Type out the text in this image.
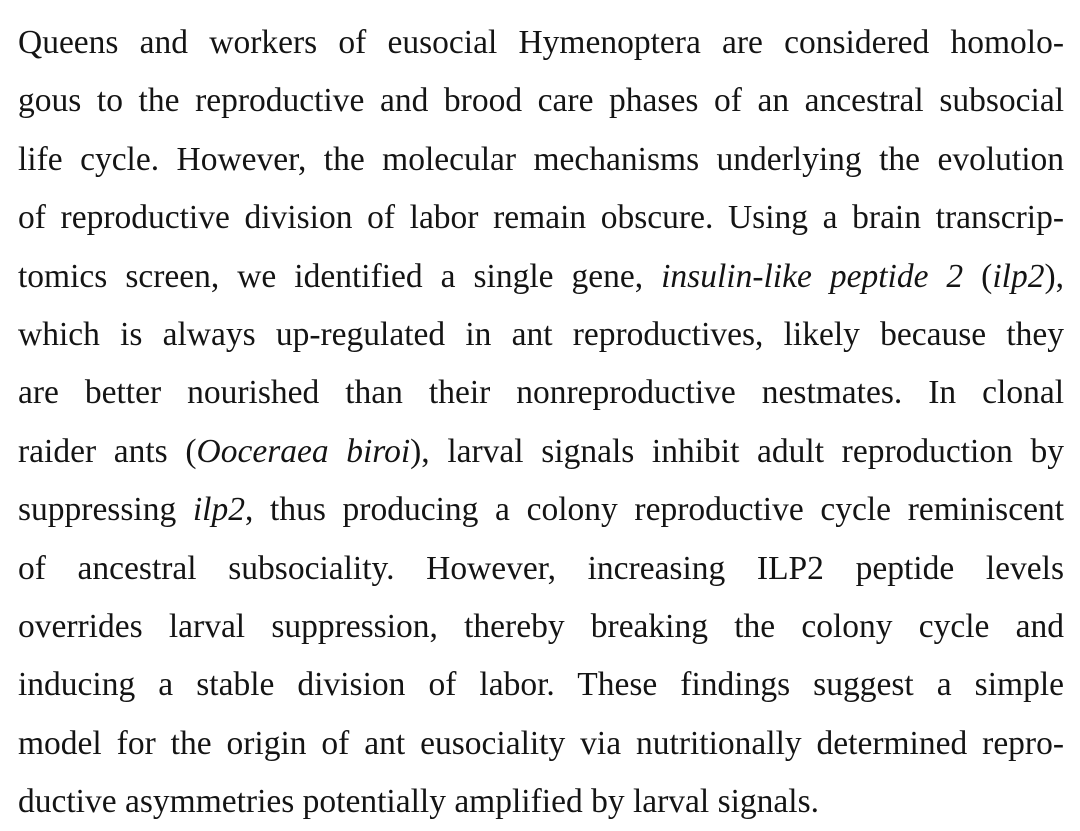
Queens and workers of eusocial Hymenoptera are considered homolo-
gous to the reproductive and brood care phases of an ancestral subsocial
life cycle. However, the molecular mechanisms underlying the evolution
of reproductive division of labor remain obscure. Using a brain transcrip-
tomics screen, we identified a single gene, insulin-like peptide 2 (ilp2),
which is always up-regulated in ant reproductives, likely because they
are better nourished than their nonreproductive nestmates. In clonal
raider ants (Ooceraea biroi), larval signals inhibit adult reproduction by
suppressing ilp2, thus producing a colony reproductive cycle reminiscent
of ancestral subsociality. However, increasing ILP2 peptide levels
overrides larval suppression, thereby breaking the colony cycle and
inducing a stable division of labor. These findings suggest a simple
model for the origin of ant eusociality via nutritionally determined repro-
ductive asymmetries potentially amplified by larval signals.
